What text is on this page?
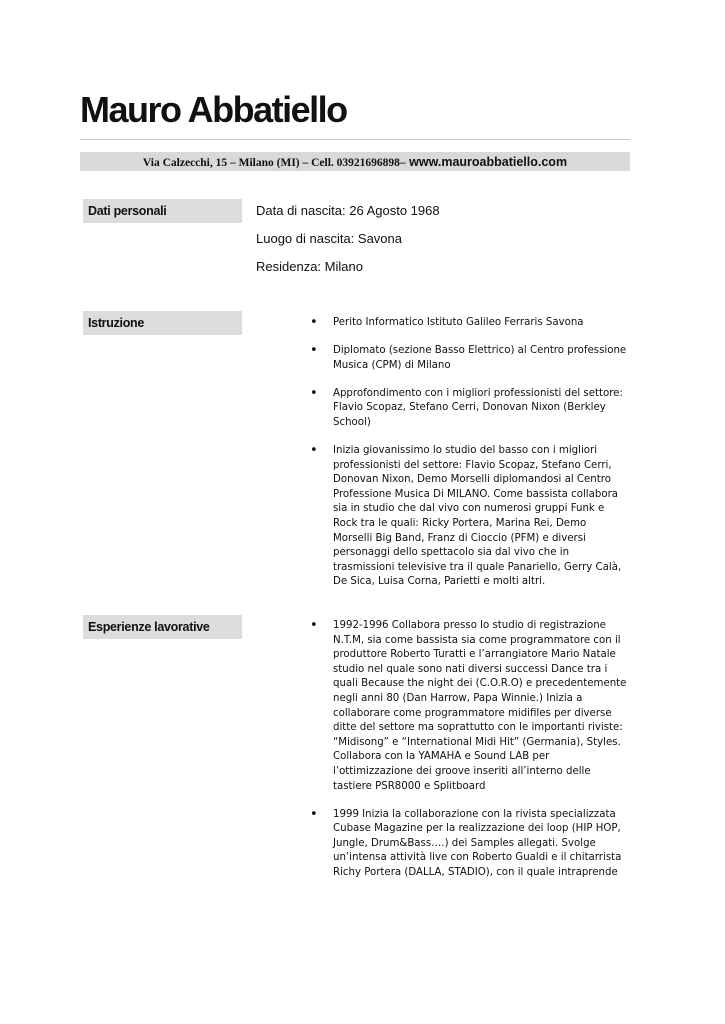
Mauro Abbatiello
Via Calzecchi, 15 – Milano (MI) – Cell. 03921696898– www.mauroabbatiello.com
Dati personali	Data di nascita: 26 Agosto 1968
Luogo di nascita: Savona
Residenza: Milano
Istruzione	• Perito Informatico Istituto Galileo Ferraris Savona
• Diplomato (sezione Basso Elettrico) al Centro professione Musica (CPM) di Milano
• Approfondimento con i migliori professionisti del settore: Flavio Scopaz, Stefano Cerri, Donovan Nixon (Berkley School)
• Inizia giovanissimo lo studio del basso con i migliori professionisti del settore: Flavio Scopaz, Stefano Cerri, Donovan Nixon, Demo Morselli diplomandosi al Centro Professione Musica Di MILANO. Come bassista collabora sia in studio che dal vivo con numerosi gruppi Funk e Rock tra le quali: Ricky Portera, Marina Rei, Demo Morselli Big Band, Franz di Cioccio (PFM) e diversi personaggi dello spettacolo sia dal vivo che in trasmissioni televisive tra il quale Panariello, Gerry Calà, De Sica, Luisa Corna, Parietti e molti altri.
Esperienze lavorative	• 1992-1996 Collabora presso lo studio di registrazione N.T.M, sia come bassista sia come programmatore con il produttore Roberto Turatti e l’arrangiatore Mario Natale studio nel quale sono nati diversi successi Dance tra i quali Because the night dei (C.O.R.O) e precedentemente negli anni 80 (Dan Harrow, Papa Winnie.) Inizia a collaborare come programmatore midifiles per diverse ditte del settore ma soprattutto con le importanti riviste: “Midisong” e “International Midi Hit” (Germania), Styles. Collabora con la YAMAHA e Sound LAB per l’ottimizzazione dei groove inseriti all’interno delle tastiere PSR8000 e Splitboard
• 1999 Inizia la collaborazione con la rivista specializzata Cubase Magazine per la realizzazione dei loop (HIP HOP, Jungle, Drum&Bass….) dei Samples allegati. Svolge un’intensa attività live con Roberto Gualdi e il chitarrista Richy Portera (DALLA, STADIO), con il quale intraprende
